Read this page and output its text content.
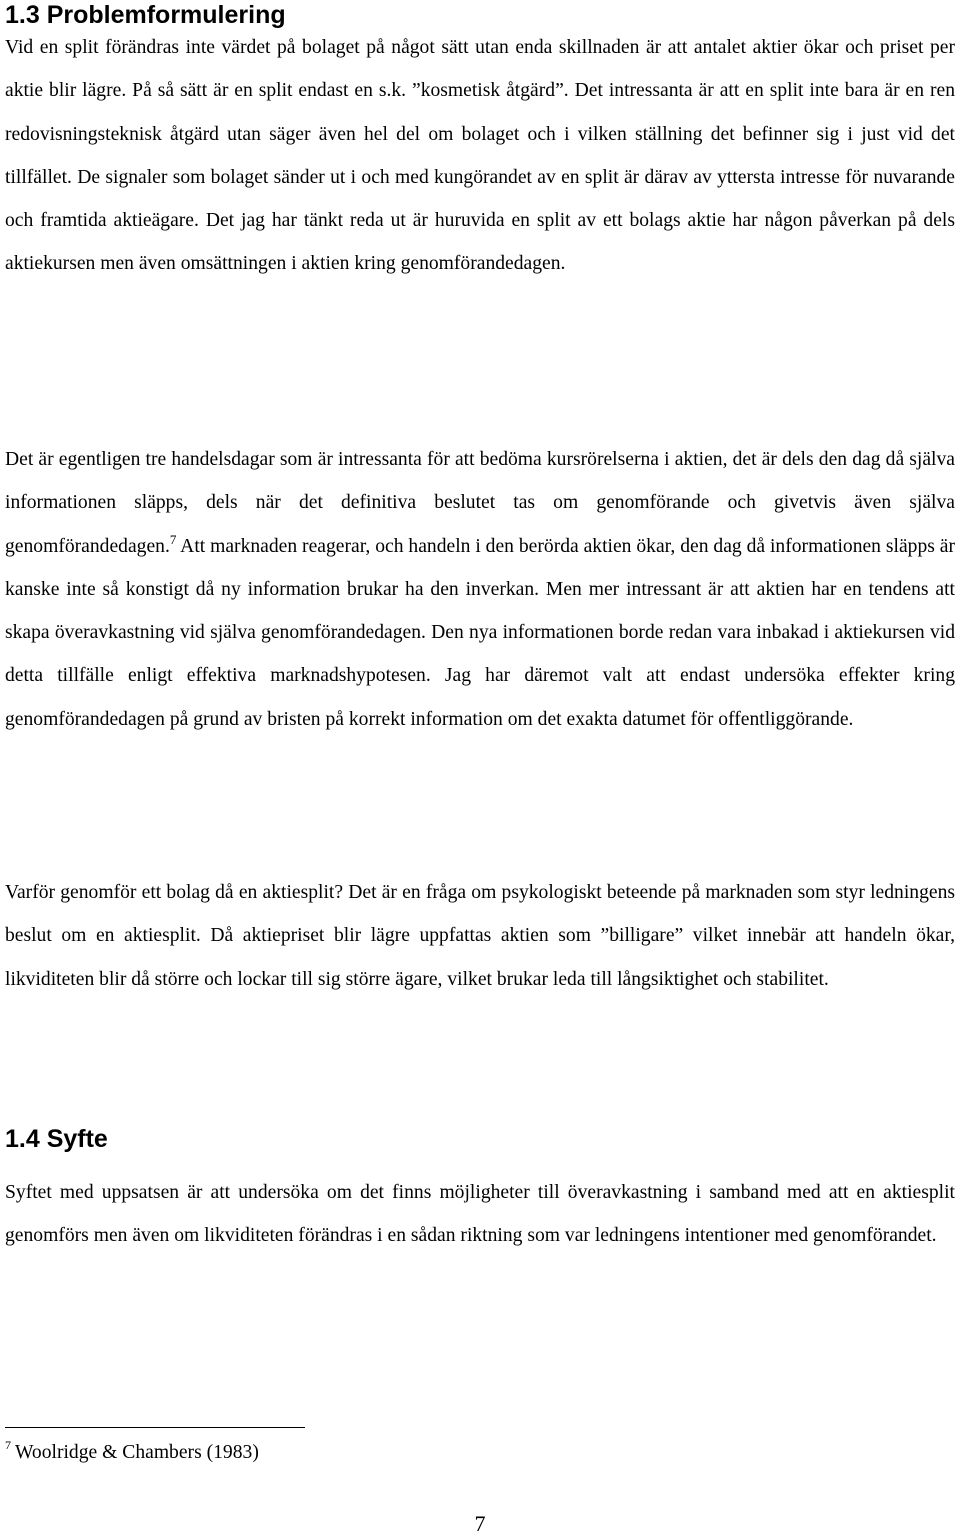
1.3 Problemformulering

Vid en split förändras inte värdet på bolaget på något sätt utan enda skillnaden är att antalet aktier ökar och priset per aktie blir lägre. På så sätt är en split endast en s.k. ”kosmetisk åtgärd”. Det intressanta är att en split inte bara är en ren redovisningsteknisk åtgärd utan säger även hel del om bolaget och i vilken ställning det befinner sig i just vid det tillfället. De signaler som bolaget sänder ut i och med kungörandet av en split är därav av yttersta intresse för nuvarande och framtida aktieägare. Det jag har tänkt reda ut är huruvida en split av ett bolags aktie har någon påverkan på dels aktiekursen men även omsättningen i aktien kring genomförandedagen.

Det är egentligen tre handelsdagar som är intressanta för att bedöma kursrörelserna i aktien, det är dels den dag då själva informationen släpps, dels när det definitiva beslutet tas om genomförande och givetvis även själva genomförandedagen.$^7$ Att marknaden reagerar, och handeln i den berörda aktien ökar, den dag då informationen släpps är kanske inte så konstigt då ny information brukar ha den inverkan. Men mer intressant är att aktien har en tendens att skapa överavkastning vid själva genomförandedagen. Den nya informationen borde redan vara inbakad i aktiekursen vid detta tillfälle enligt effektiva marknadshypotesen. Jag har däremot valt att endast undersöka effekter kring genomförandedagen på grund av bristen på korrekt information om det exakta datumet för offentliggörande.

Varför genomför ett bolag då en aktiesplit? Det är en fråga om psykologiskt beteende på marknaden som styr ledningens beslut om en aktiesplit. Då aktiepriset blir lägre uppfattas aktien som ”billigare” vilket innebär att handeln ökar, likviditeten blir då större och lockar till sig större ägare, vilket brukar leda till långsiktighet och stabilitet.

1.4 Syfte

Syftet med uppsatsen är att undersöka om det finns möjligheter till överavkastning i samband med att en aktiesplit genomförs men även om likviditeten förändras i en sådan riktning som var ledningens intentioner med genomförandet.

$^7$ Woolridge & Chambers (1983)

7
